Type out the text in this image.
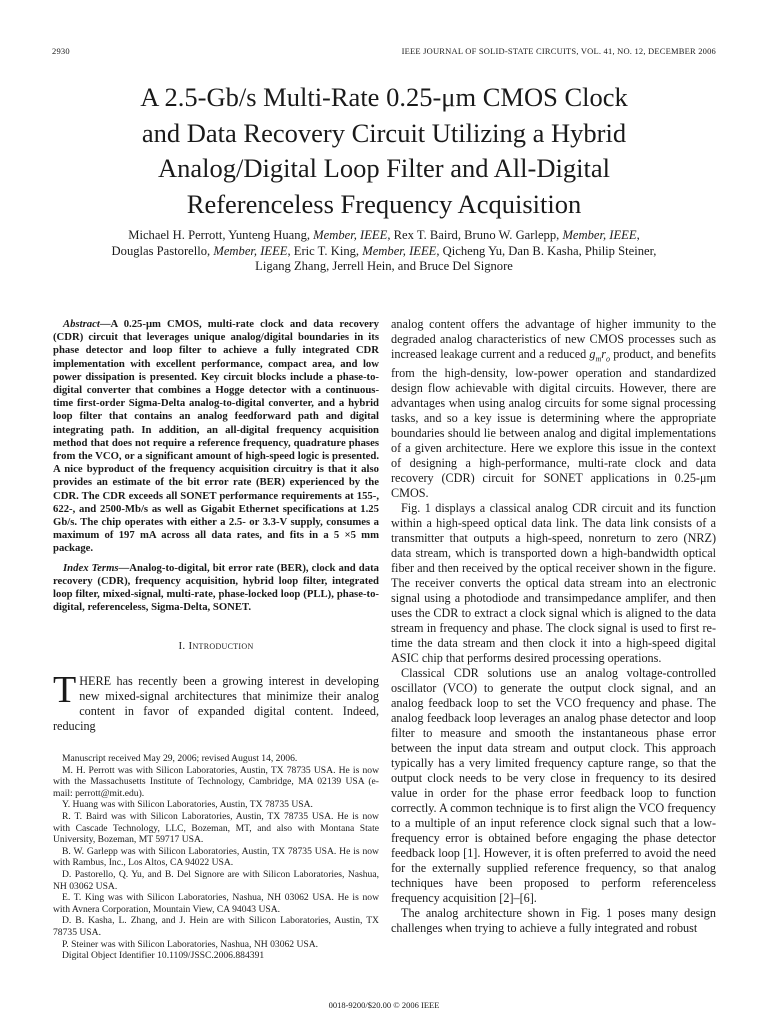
2930	IEEE JOURNAL OF SOLID-STATE CIRCUITS, VOL. 41, NO. 12, DECEMBER 2006
A 2.5-Gb/s Multi-Rate 0.25-μm CMOS Clock
and Data Recovery Circuit Utilizing a Hybrid
Analog/Digital Loop Filter and All-Digital
Referenceless Frequency Acquisition
Michael H. Perrott, Yunteng Huang, Member, IEEE, Rex T. Baird, Bruno W. Garlepp, Member, IEEE,
Douglas Pastorello, Member, IEEE, Eric T. King, Member, IEEE, Qicheng Yu, Dan B. Kasha, Philip Steiner,
Ligang Zhang, Jerrell Hein, and Bruce Del Signore

Abstract—A 0.25-μm CMOS, multi-rate clock and data recovery (CDR) circuit that leverages unique analog/digital boundaries in its phase detector and loop filter to achieve a fully integrated CDR implementation with excellent performance, compact area, and low power dissipation is presented. Key circuit blocks include a phase-to-digital converter that combines a Hogge detector with a continuous-time first-order Sigma-Delta analog-to-digital converter, and a hybrid loop filter that contains an analog feedforward path and digital integrating path. In addition, an all-digital frequency acquisition method that does not require a reference frequency, quadrature phases from the VCO, or a significant amount of high-speed logic is presented. A nice byproduct of the frequency acquisition circuitry is that it also provides an estimate of the bit error rate (BER) experienced by the CDR. The CDR exceeds all SONET performance requirements at 155-, 622-, and 2500-Mb/s as well as Gigabit Ethernet specifications at 1.25 Gb/s. The chip operates with either a 2.5- or 3.3-V supply, consumes a maximum of 197 mA across all data rates, and fits in a 5 ×5 mm package.

Index Terms—Analog-to-digital, bit error rate (BER), clock and data recovery (CDR), frequency acquisition, hybrid loop filter, integrated loop filter, mixed-signal, multi-rate, phase-locked loop (PLL), phase-to-digital, referenceless, Sigma-Delta, SONET.

I. Introduction
THERE has recently been a growing interest in developing new mixed-signal architectures that minimize their analog content in favor of expanded digital content. Indeed, reducing

Manuscript received May 29, 2006; revised August 14, 2006.

M. H. Perrott was with Silicon Laboratories, Austin, TX 78735 USA. He is now with the Massachusetts Institute of Technology, Cambridge, MA 02139 USA (e-mail: perrott@mit.edu).

Y. Huang was with Silicon Laboratories, Austin, TX 78735 USA.

R. T. Baird was with Silicon Laboratories, Austin, TX 78735 USA. He is now with Cascade Technology, LLC, Bozeman, MT, and also with Montana State University, Bozeman, MT 59717 USA.

B. W. Garlepp was with Silicon Laboratories, Austin, TX 78735 USA. He is now with Rambus, Inc., Los Altos, CA 94022 USA.

D. Pastorello, Q. Yu, and B. Del Signore are with Silicon Laboratories, Nashua, NH 03062 USA.

E. T. King was with Silicon Laboratories, Nashua, NH 03062 USA. He is now with Avnera Corporation, Mountain View, CA 94043 USA.

D. B. Kasha, L. Zhang, and J. Hein are with Silicon Laboratories, Austin, TX 78735 USA.

P. Steiner was with Silicon Laboratories, Nashua, NH 03062 USA.

Digital Object Identifier 10.1109/JSSC.2006.884391

analog content offers the advantage of higher immunity to the degraded analog characteristics of new CMOS processes such as increased leakage current and a reduced $g_mr_o$ product, and benefits from the high-density, low-power operation and standardized design flow achievable with digital circuits. However, there are advantages when using analog circuits for some signal processing tasks, and so a key issue is determining where the appropriate boundaries should lie between analog and digital implementations of a given architecture. Here we explore this issue in the context of designing a high-performance, multi-rate clock and data recovery (CDR) circuit for SONET applications in 0.25-μm CMOS.

Fig. 1 displays a classical analog CDR circuit and its function within a high-speed optical data link. The data link consists of a transmitter that outputs a high-speed, nonreturn to zero (NRZ) data stream, which is transported down a high-bandwidth optical fiber and then received by the optical receiver shown in the figure. The receiver converts the optical data stream into an electronic signal using a photodiode and transimpedance amplifer, and then uses the CDR to extract a clock signal which is aligned to the data stream in frequency and phase. The clock signal is used to first re-time the data stream and then clock it into a high-speed digital ASIC chip that performs desired processing operations.

Classical CDR solutions use an analog voltage-controlled oscillator (VCO) to generate the output clock signal, and an analog feedback loop to set the VCO frequency and phase. The analog feedback loop leverages an analog phase detector and loop filter to measure and smooth the instantaneous phase error between the input data stream and output clock. This approach typically has a very limited frequency capture range, so that the output clock needs to be very close in frequency to its desired value in order for the phase error feedback loop to function correctly. A common technique is to first align the VCO frequency to a multiple of an input reference clock signal such that a low-frequency error is obtained before engaging the phase detector feedback loop [1]. However, it is often preferred to avoid the need for the externally supplied reference frequency, so that analog techniques have been proposed to perform referenceless frequency acquisition [2]–[6].

The analog architecture shown in Fig. 1 poses many design challenges when trying to achieve a fully integrated and robust

0018-9200/$20.00 © 2006 IEEE
